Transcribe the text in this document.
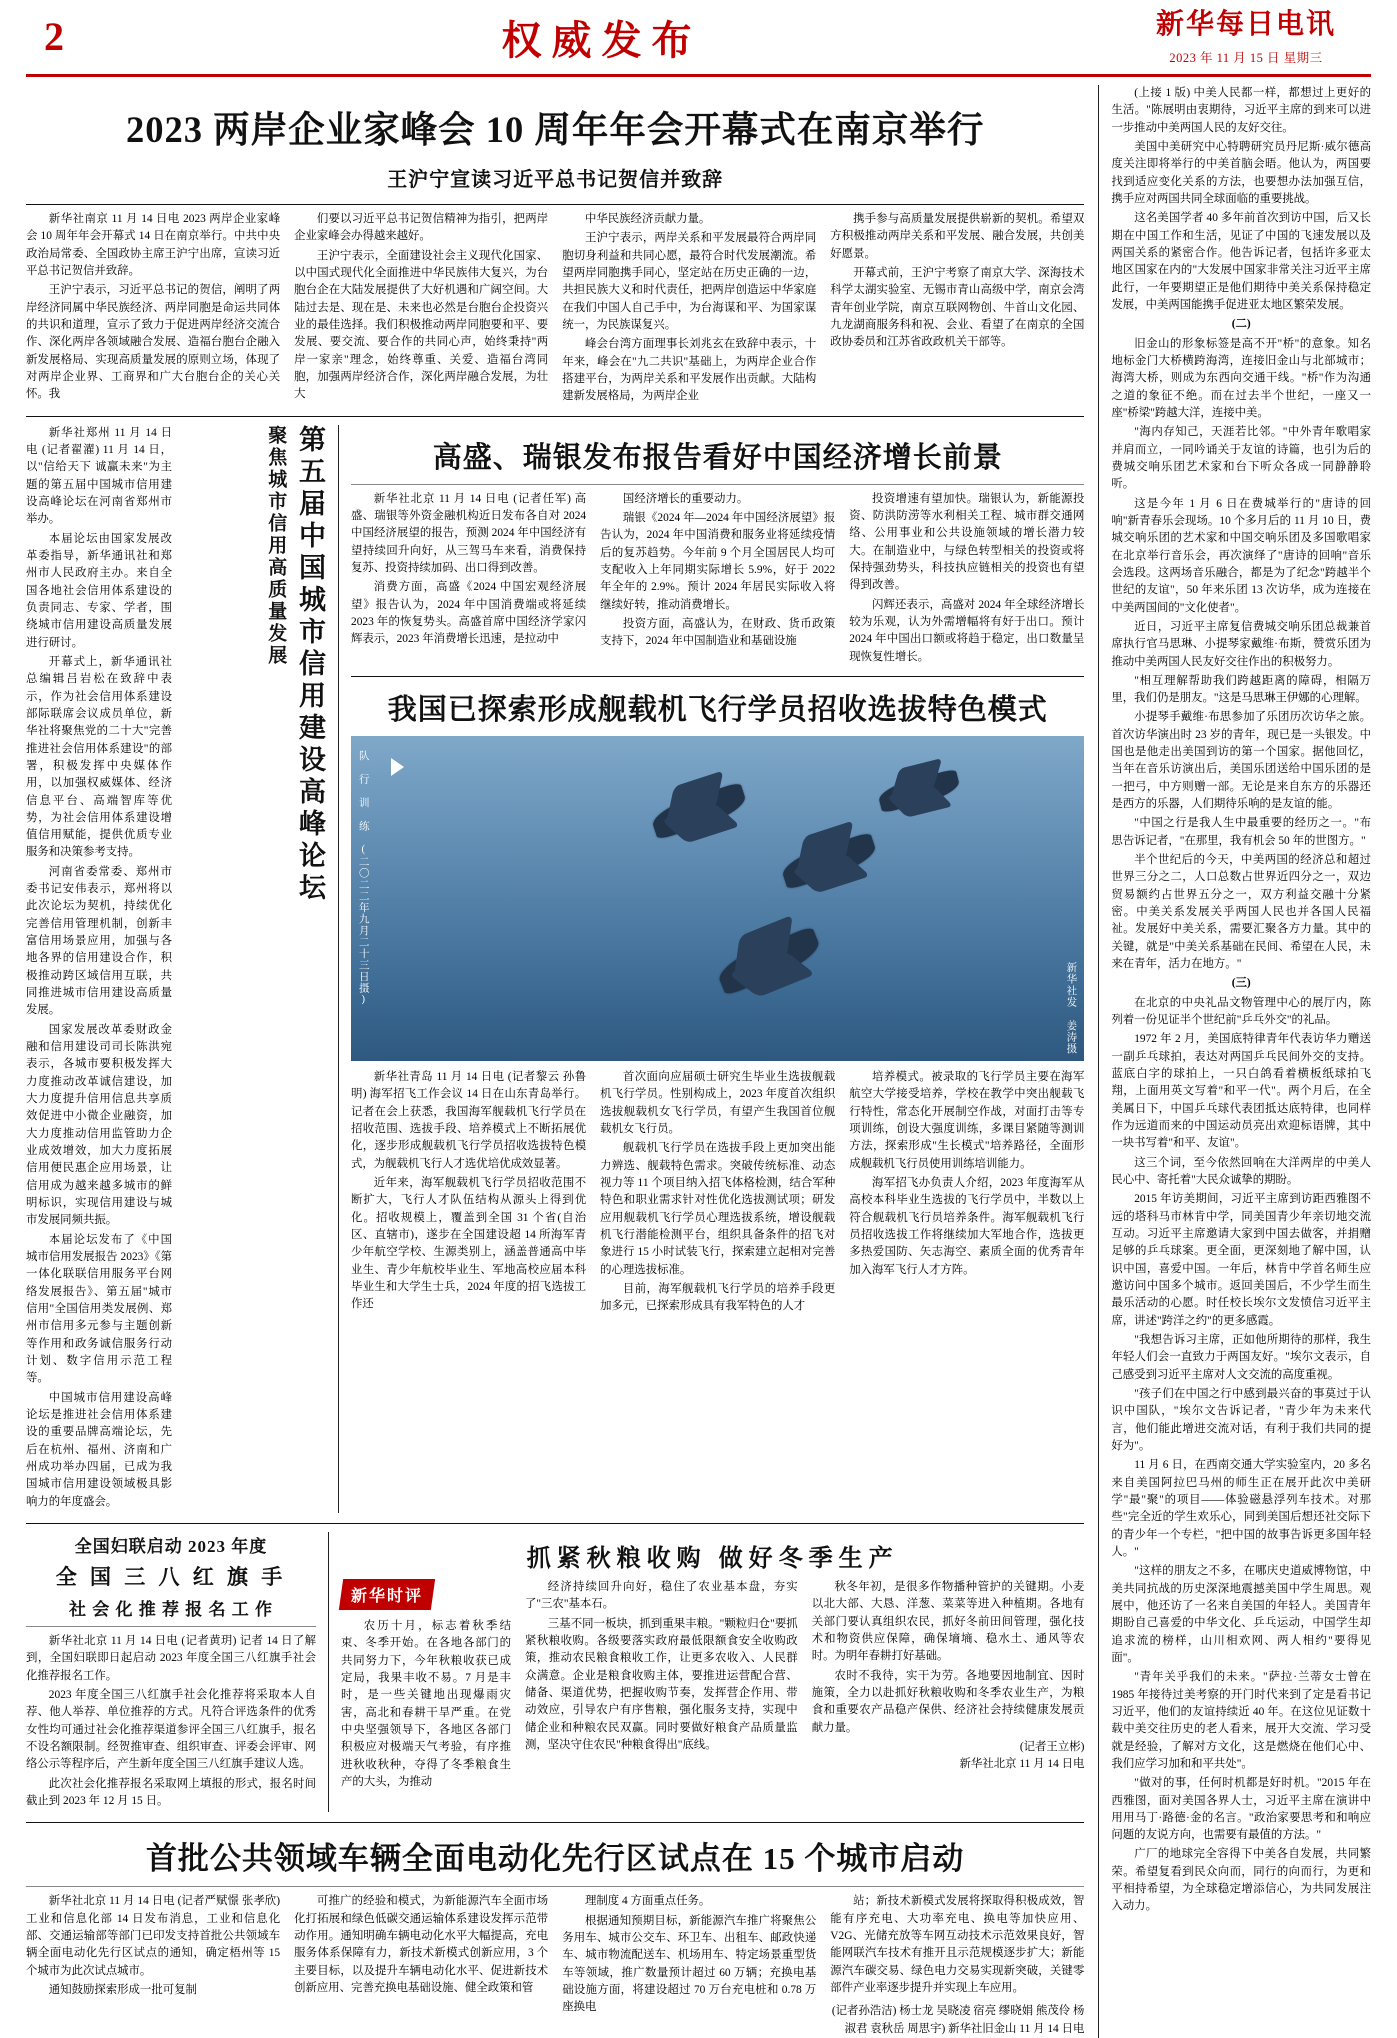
2	权威发布	新华每日电讯
2023 年 11 月 15 日 星期三
2023 两岸企业家峰会 10 周年年会开幕式在南京举行
王沪宁宣读习近平总书记贺信并致辞

新华社南京 11 月 14 日电 2023 两岸企业家峰会 10 周年年会开幕式 14 日在南京举行。中共中央政治局常委、全国政协主席王沪宁出席，宣读习近平总书记贺信并致辞。

王沪宁表示，习近平总书记的贺信，阐明了两岸经济同属中华民族经济、两岸同胞是命运共同体的共识和道理，宣示了致力于促进两岸经济交流合作、深化两岸各领域融合发展、造福台胞台企融入新发展格局、实现高质量发展的原则立场，体现了对两岸企业界、工商界和广大台胞台企的关心关怀。我

们要以习近平总书记贺信精神为指引，把两岸企业家峰会办得越来越好。

王沪宁表示，全面建设社会主义现代化国家、以中国式现代化全面推进中华民族伟大复兴，为台胞台企在大陆发展提供了大好机遇和广阔空间。大陆过去是、现在是、未来也必然是台胞台企投资兴业的最佳选择。我们积极推动两岸同胞要和平、要发展、要交流、要合作的共同心声，始终秉持"两岸一家亲"理念，始终尊重、关爱、造福台湾同胞，加强两岸经济合作，深化两岸融合发展，为壮大

中华民族经济贡献力量。

王沪宁表示，两岸关系和平发展最符合两岸同胞切身利益和共同心愿，最符合时代发展潮流。希望两岸同胞携手同心，坚定站在历史正确的一边，共担民族大义和时代责任，把两岸创造运中华家庭在我们中国人自己手中，为台海谋和平、为国家谋统一，为民族谋复兴。

峰会台湾方面理事长刘兆玄在致辞中表示，十年来，峰会在"九二共识"基础上，为两岸企业合作搭建平台，为两岸关系和平发展作出贡献。大陆构建新发展格局，为两岸企业

携手参与高质量发展提供崭新的契机。希望双方积极推动两岸关系和平发展、融合发展，共创美好愿景。

开幕式前，王沪宁考察了南京大学、深海技术科学太湖实验室、无锡市青山高级中学，南京会湾青年创业学院，南京互联网物创、牛首山文化园、九龙湖商服务科和祝、会业、看望了在南京的全国政协委员和江苏省政政机关干部等。

新华社郑州 11 月 14 日电 (记者翟濯) 11 月 14 日，以"信给天下 诚赢未来"为主题的第五届中国城市信用建设高峰论坛在河南省郑州市举办。

本届论坛由国家发展改革委指导，新华通讯社和郑州市人民政府主办。来自全国各地社会信用体系建设的负责同志、专家、学者，围绕城市信用建设高质量发展进行研讨。

开幕式上，新华通讯社总编辑吕岩松在致辞中表示，作为社会信用体系建设部际联席会议成员单位，新华社将聚焦党的二十大"完善推进社会信用体系建设"的部署，积极发挥中央媒体作用，以加强权威媒体、经济信息平台、高端智库等优势，为社会信用体系建设增值信用赋能，提供优质专业服务和决策参考支持。

河南省委常委、郑州市委书记安伟表示，郑州将以此次论坛为契机，持续优化完善信用管理机制，创新丰富信用场景应用，加强与各地各界的信用建设合作，积极推动跨区域信用互联，共同推进城市信用建设高质量发展。

国家发展改革委财政金融和信用建设司司长陈洪宛表示，各城市要积极发挥大力度推动改革诚信建设，加大力度提升信用信息共享质效促进中小微企业融资，加大力度推动信用监管助力企业成效增效，加大力度拓展信用便民惠企应用场景，让信用成为越来越多城市的鲜明标识，实现信用建设与城市发展同频共振。

本届论坛发布了《中国城市信用发展报告 2023》《第一体化联联信用服务平台网络发展报告》、第五届"城市信用"全国信用类发展例、郑州市信用多元参与主题创新等作用和政务诚信服务行动计划、数字信用示范工程等。

中国城市信用建设高峰论坛是推进社会信用体系建设的重要品牌高端论坛，先后在杭州、福州、济南和广州成功举办四届，已成为我国城市信用建设领域极具影响力的年度盛会。

第五届中国城市信用建设高峰论坛
聚焦城市信用高质量发展	高盛、瑞银发布报告看好中国经济增长前景

新华社北京 11 月 14 日电 (记者任军) 高盛、瑞银等外资金融机构近日发布各自对 2024 中国经济展望的报告，预测 2024 年中国经济有望持续回升向好，从三驾马车来看，消费保持复苏、投资持续加码、出口得到改善。

消费方面，高盛《2024 中国宏观经济展望》报告认为，2024 年中国消费端或将延续 2023 年的恢复势头。高盛首席中国经济学家闪辉表示，2023 年消费增长迅速，是拉动中

国经济增长的重要动力。

瑞银《2024 年—2024 年中国经济展望》报告认为，2024 年中国消费和服务业将延续疫情后的复苏趋势。今年前 9 个月全国居民人均可支配收入上年同期实际增长 5.9%，好于 2022 年全年的 2.9%。预计 2024 年居民实际收入将继续好转，推动消费增长。

投资方面，高盛认为，在财政、货币政策支持下，2024 年中国制造业和基础设施

投资增速有望加快。瑞银认为，新能源投资、防洪防涝等水利相关工程、城市群交通网络、公用事业和公共设施领域的增长潜力较大。在制造业中，与绿色转型相关的投资或将保持强劲势头，科技执应链相关的投资也有望得到改善。

闪辉还表示，高盛对 2024 年全球经济增长较为乐观，认为外需增幅将有好于出口。预计 2024 年中国出口额或将趋于稳定，出口数量呈现恢复性增长。

我国已探索形成舰载机飞行学员招收选拔特色模式
队 行 训 练 (二〇二二年九月二十三日摄)
新华社发 姜涛摄

新华社青岛 11 月 14 日电 (记者黎云 孙鲁明) 海军招飞工作会议 14 日在山东青岛举行。记者在会上获悉，我国海军舰载机飞行学员在招收范围、选拔手段、培养模式上不断拓展优化，逐步形成舰载机飞行学员招收选拔特色模式，为舰载机飞行人才选优培优成效显著。

近年来，海军舰载机飞行学员招收范围不断扩大，飞行人才队伍结构从源头上得到优化。招收规模上，覆盖到全国 31 个省(自治区、直辖市)，遂步在全国建设超 14 所海军青少年航空学校、生源类别上，涵盖普通高中毕业生、青少年航校毕业生、军地高校应届本科毕业生和大学生士兵，2024 年度的招飞选拔工作还

首次面向应届硕士研究生毕业生选拔舰载机飞行学员。性别构成上，2023 年度首次组织选拔舰载机女飞行学员，有望产生我国首位舰载机女飞行员。

舰载机飞行学员在选拔手段上更加突出能力辨选、舰载特色需求。突破传统标准、动态视力等 11 个项目纳入招飞体格检测，结合军种特色和职业需求针对性优化选拔测试项；研发应用舰载机飞行学员心理选拔系统，增设舰载机飞行潜能检测平台，组织具备条件的招飞对象进行 15 小时试装飞行，探索建立起相对完善的心理选拔标准。

目前，海军舰载机飞行学员的培养手段更加多元，已探索形成具有我军特色的人才

培养模式。被录取的飞行学员主要在海军航空大学接受培养，学校在教学中突出舰载飞行特性，常态化开展制空作战，对面打击等专项训练，创设大强度训练，多课目紧随等测训方法，探索形成"生长模式"培养路径，全面形成舰载机飞行员使用训练培训能力。

海军招飞办负责人介绍，2023 年度海军从高校本科毕业生选拔的飞行学员中，半数以上符合舰载机飞行员培养条件。海军舰载机飞行员招收选拔工作将继续加大军地合作，选拔更多热爱国防、矢志海空、素质全面的优秀青年加入海军飞行人才方阵。

全国妇联启动 2023 年度
全 国 三 八 红 旗 手
社 会 化 推 荐 报 名 工 作

新华社北京 11 月 14 日电 (记者黄玥) 记者 14 日了解到，全国妇联即日起启动 2023 年度全国三八红旗手社会化推荐报名工作。

2023 年度全国三八红旗手社会化推荐将采取本人自荐、他人举荐、单位推荐的方式。凡符合评选条件的优秀女性均可通过社会化推荐渠道参评全国三八红旗手，报名不设名额限制。经贺推审查、组织审查、评委会评审、网络公示等程序后，产生新年度全国三八红旗手建议人选。

此次社会化推荐报名采取网上填报的形式，报名时间截止到 2023 年 12 月 15 日。

抓紧秋粮收购 做好冬季生产
新华时评

农历十月，标志着秋季结束、冬季开始。在各地各部门的共同努力下，今年秋粮收获已成定局，我果丰收不易。7 月是丰时，是一些关键地出现爆雨灾害，高北和春耕干旱严重。在党中央坚强领导下，各地区各部门积极应对极端天气考验，有序推进秋收秋种，夺得了冬季粮食生产的大头，为推动

经济持续回升向好，稳住了农业基本盘，夯实了"三农"基本石。

三基不同一板块，抓到重果丰粮。"颗粒归仓"要抓紧秋粮收购。各级要落实政府最低限额食安全收购政策，推动农民粮食粮收工作，让更多农收入、人民群众满意。企业是粮食收购主体，要推进运营配合营、储备、渠道优势，把握收购节奏，发挥营企作用、带动效应，引导农户有序售粮，强化服务支持，实现中储企业和种粮农民双赢。同时要做好粮食产品质量监测，坚决守住农民"种粮食得出"底线。

秋冬年初，是很多作物播种管护的关键期。小麦以北大部、大恳、洋葱、菜菜等进入种植期。各地有关部门要认真组织农民，抓好冬前田间管理，强化技术和物资供应保障，确保墒墒、稳水土、通风等农时。为明年春耕打好基础。

农时不我待，实干为劳。各地要因地制宜、因时施策，全力以赴抓好秋粮收购和冬季农业生产，为粮食和重要农产品稳产保供、经济社会持续健康发展贡献力量。

(记者王立彬)
新华社北京 11 月 14 日电
首批公共领域车辆全面电动化先行区试点在 15 个城市启动

新华社北京 11 月 14 日电 (记者严赋憬 张孝欣) 工业和信息化部 14 日发布消息，工业和信息化部、交通运输部等部门已印发支持首批公共领域车辆全面电动化先行区试点的通知，确定梧州等 15 个城市为此次试点城市。

通知鼓励探索形成一批可复制

可推广的经验和模式，为新能源汽车全面市场化打拓展和绿色低碳交通运输体系建设发挥示范带动作用。通知明确车辆电动化水平大幅提高，充电服务体系保障有力，新技术新模式创新应用，3 个主要目标，以及提升车辆电动化水平、促进新技术创新应用、完善充换电基础设施、健全政策和管

理制度 4 方面重点任务。

根据通知预期目标，新能源汽车推广将聚焦公务用车、城市公交车、环卫车、出租车、邮政快递车、城市物流配送车、机场用车、特定场景重型货车等领域，推广数量预计超过 60 万辆；充换电基础设施方面，将建设超过 70 万台充电桩和 0.78 万座换电

站；新技术新模式发展将探取得积极成效，智能有序充电、大功率充电、换电等加快应用、V2G、光储充放等车网互动技术示范效果良好，智能网联汽车技术有推开且示范规模逐步扩大；新能源汽车碳交易、绿色电力交易实现新突破，关键零部件产业率逐步提升并实现上车应用。

(记者孙浩洁) 杨士龙 吴晓凌 宿亮 缪晓娟 熊茂伶 杨淑君 袁秋岳 周思宇) 新华社旧金山 11 月 14 日电

(上接 1 版) 中美人民都一样，都想过上更好的生活。"陈展明由衷期待，习近平主席的到来可以进一步推动中美两国人民的友好交往。

美国中美研究中心特聘研究员丹尼斯·威尔德高度关注即将举行的中美首脑会晤。他认为，两国要找到适应变化关系的方法，也要想办法加强互信，携手应对两国共同全球面临的重要挑战。

这名美国学者 40 多年前首次到访中国，后又长期在中国工作和生活，见证了中国的飞速发展以及两国关系的紧密合作。他告诉记者，包括许多亚太地区国家在内的"大发展中国家非常关注习近平主席此行，一年要期望正是他们期待中美关系保持稳定发展，中美两国能携手促进亚太地区繁荣发展。

(二)

旧金山的形象标签是高不开"桥"的意象。知名地标金门大桥横跨海湾，连接旧金山与北部城市；海湾大桥，则成为东西向交通干线。"桥"作为沟通之道的象征不绝。而在过去半个世纪，一座又一座"桥梁"跨越大洋，连接中美。

"海内存知己，天涯若比邻。"中外青年歌唱家并肩而立，一同吟诵关于友谊的诗篇，也引为后的费城交响乐团艺术家和台下听众各成一同静静聆听。

这是今年 1 月 6 日在费城举行的"唐诗的回响"新青春乐会现场。10 个多月后的 11 月 10 日，费城交响乐团的艺术家和中国交响乐团及多国歌唱家在北京举行音乐会，再次演绎了"唐诗的回响"音乐会选段。这两场音乐融合，都是为了纪念"跨越半个世纪的友谊"，50 年来乐团 13 次访华，成为连接在中美两国间的"文化使者"。

近日，习近平主席复信费城交响乐团总裁兼首席执行官马思琳、小提琴家戴维·布斯，赞赏乐团为推动中美两国人民友好交往作出的积极努力。

"相互理解帮助我们跨越距离的障碍，相隔万里，我们仍是朋友。"这是马思琳王伊娜的心理解。

小提琴手戴维·布思参加了乐团历次访华之旅。首次访华演出时 23 岁的青年，现已是一头银发。中国也是他走出美国到访的第一个国家。据他回忆，当年在音乐访演出后，美国乐团送给中国乐团的是一把弓，中方则赠一部。无论是来自东方的乐器还是西方的乐器，人们期待乐响的是友谊的能。

"中国之行是我人生中最重要的经历之一。"布思告诉记者，"在那里，我有机会 50 年的世图方。"

半个世纪后的今天，中美两国的经济总和超过世界三分之二，人口总数占世界近四分之一，双边贸易额约占世界五分之一，双方利益交融十分紧密。中美关系发展关乎两国人民也并各国人民福祉。发展好中美关系，需要汇聚各方力量。其中的关键，就是"中美关系基础在民间、希望在人民，未来在青年，活力在地方。"

(三)

在北京的中央礼品文物管理中心的展厅内，陈列着一份见证半个世纪前"乒乓外交"的礼品。

1972 年 2 月，美国底特律青年代表访华力赠送一副乒乓球拍，表达对两国乒乓民间外交的支持。蓝底白字的球拍上，一只白鸽看着横板纸球拍飞翔，上面用英文写着"和平一代"。两个月后，在全美属日下，中国乒乓球代表团抵达底特律，也同样作为远道而来的中国运动员亮出欢迎标语牌，其中一块书写着"和平、友谊"。

这三个词，至今依然回响在大洋两岸的中美人民心中、寄托着"大民众诚挚的期盼。

2015 年访美期间，习近平主席到访距西雅图不远的塔科马市林肯中学，同美国青少年亲切地交流互动。习近平主席邀请大家到中国去做客，并捐赠足够的乒乓球案。更全面，更深刻地了解中国，认识中国，喜爱中国。一年后，林肯中学首名师生应邀访问中国多个城市。返回美国后，不少学生而生最乐活动的心愿。时任校长埃尔文发愤信习近平主席，讲述"跨洋之约"的更多感霞。

"我想告诉习主席，正如他所期待的那样，我生年轻人们会一直致力于两国友好。"埃尔文表示，自己感受到习近平主席对人文交流的高度重视。

"孩子们在中国之行中感到最兴奋的事莫过于认识中国队，"埃尔文告诉记者，"青少年为未来代言，他们能此增进交流对话，有利于我们共同的提好为"。

11 月 6 日，在西南交通大学实验室内，20 多名来自美国阿拉巴马州的师生正在展开此次中美研学"最"聚"的项目——体验磁悬浮列车技术。对那些"完全近的学生欢乐心，同到美国后想还社交际下的青少年一个专栏，"把中国的故事告诉更多国年轻人。"

"这样的朋友之不多，在哪庆史道威博物馆，中美共同抗战的历史深深地震撼美国中学生周思。观展中，他还访了一名来自美国的年轻人。美国青年期盼自己喜爱的中华文化、乒乓运动，中国学生却追求流的榜样，山川相欢网、两人相约"要得见面"。

"青年关乎我们的未来。"萨拉·兰蒂女士曾在 1985 年接待过美考察的开门时代来到了定是看书记习近平，他们的友谊持续近 40 年。在这位见证数十载中美交往历史的老人看来，展开大交流、学习受就是经验，了解对方文化，这是燃烧在他们心中、我们应学习加和和平共处"。

"做对的事，任何时机都是好时机。"2015 年在西雅图，面对美国各界人士，习近平主席在演讲中用用马丁·路德·金的名言。"政治家要思考和和响应问题的友说方向，也需要有最值的方法。"

广厂的地球完全容得下中美各自发展，共同繁荣。希望复看到民众向而，同行的向而行，为更和平相持希望，为全球稳定增添信心，为共同发展注入动力。
